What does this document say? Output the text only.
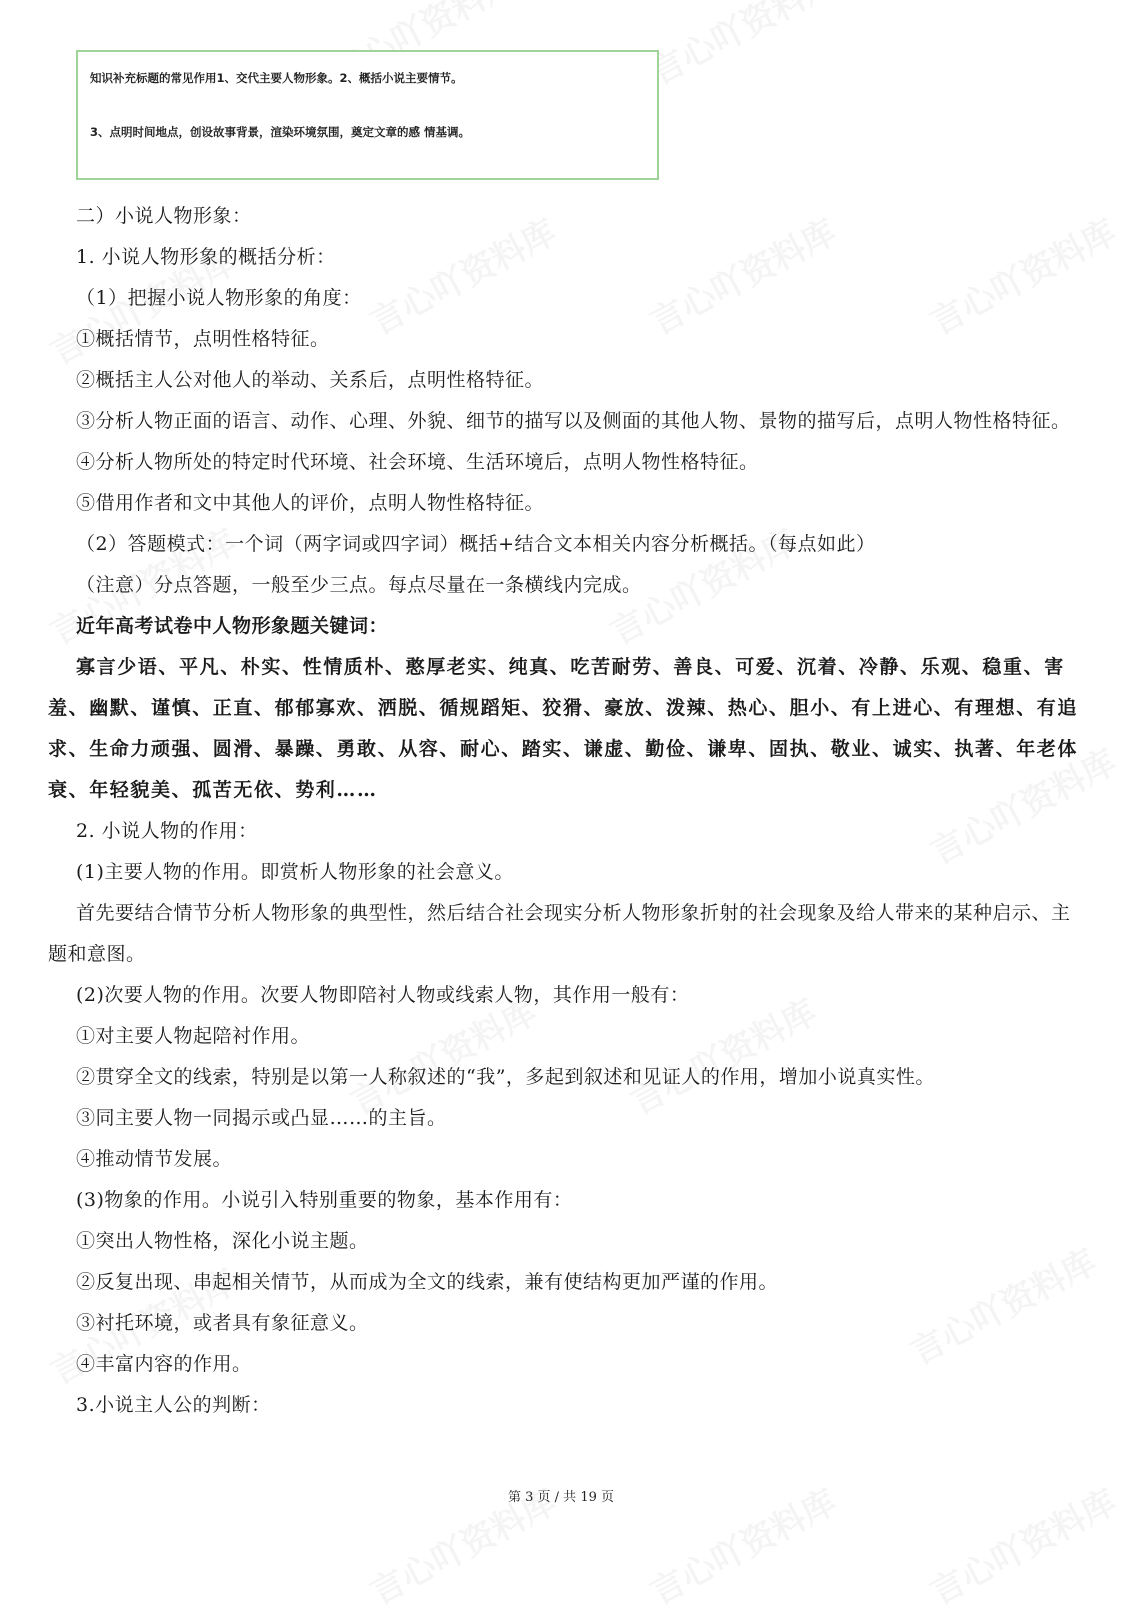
知识补充标题的常见作用1、交代主要人物形象。2、概括小说主要情节。
3、点明时间地点，创设故事背景，渲染环境氛围，奠定文章的感 情基调。

二）小说人物形象：

1. 小说人物形象的概括分析：

（1）把握小说人物形象的角度：

①概括情节，点明性格特征。

②概括主人公对他人的举动、关系后，点明性格特征。

③分析人物正面的语言、动作、心理、外貌、细节的描写以及侧面的其他人物、景物的描写后，点明人物性格特征。

④分析人物所处的特定时代环境、社会环境、生活环境后，点明人物性格特征。

⑤借用作者和文中其他人的评价，点明人物性格特征。

（2）答题模式：一个词（两字词或四字词）概括+结合文本相关内容分析概括。（每点如此）

（注意）分点答题，一般至少三点。每点尽量在一条横线内完成。

近年高考试卷中人物形象题关键词：

寡言少语、平凡、朴实、性情质朴、憨厚老实、纯真、吃苦耐劳、善良、可爱、沉着、冷静、乐观、稳重、害羞、幽默、谨慎、正直、郁郁寡欢、洒脱、循规蹈矩、狡猾、豪放、泼辣、热心、胆小、有上进心、有理想、有追求、生命力顽强、圆滑、暴躁、勇敢、从容、耐心、踏实、谦虚、勤俭、谦卑、固执、敬业、诚实、执著、年老体衰、年轻貌美、孤苦无依、势利……

2. 小说人物的作用：

(1)主要人物的作用。即赏析人物形象的社会意义。

首先要结合情节分析人物形象的典型性，然后结合社会现实分析人物形象折射的社会现象及给人带来的某种启示、主题和意图。

(2)次要人物的作用。次要人物即陪衬人物或线索人物，其作用一般有：

①对主要人物起陪衬作用。

②贯穿全文的线索，特别是以第一人称叙述的“我”，多起到叙述和见证人的作用，增加小说真实性。

③同主要人物一同揭示或凸显……的主旨。

④推动情节发展。

(3)物象的作用。小说引入特别重要的物象，基本作用有：

①突出人物性格，深化小说主题。

②反复出现、串起相关情节，从而成为全文的线索，兼有使结构更加严谨的作用。

③衬托环境，或者具有象征意义。

④丰富内容的作用。

3.小说主人公的判断：

第 3 页 / 共 19 页
